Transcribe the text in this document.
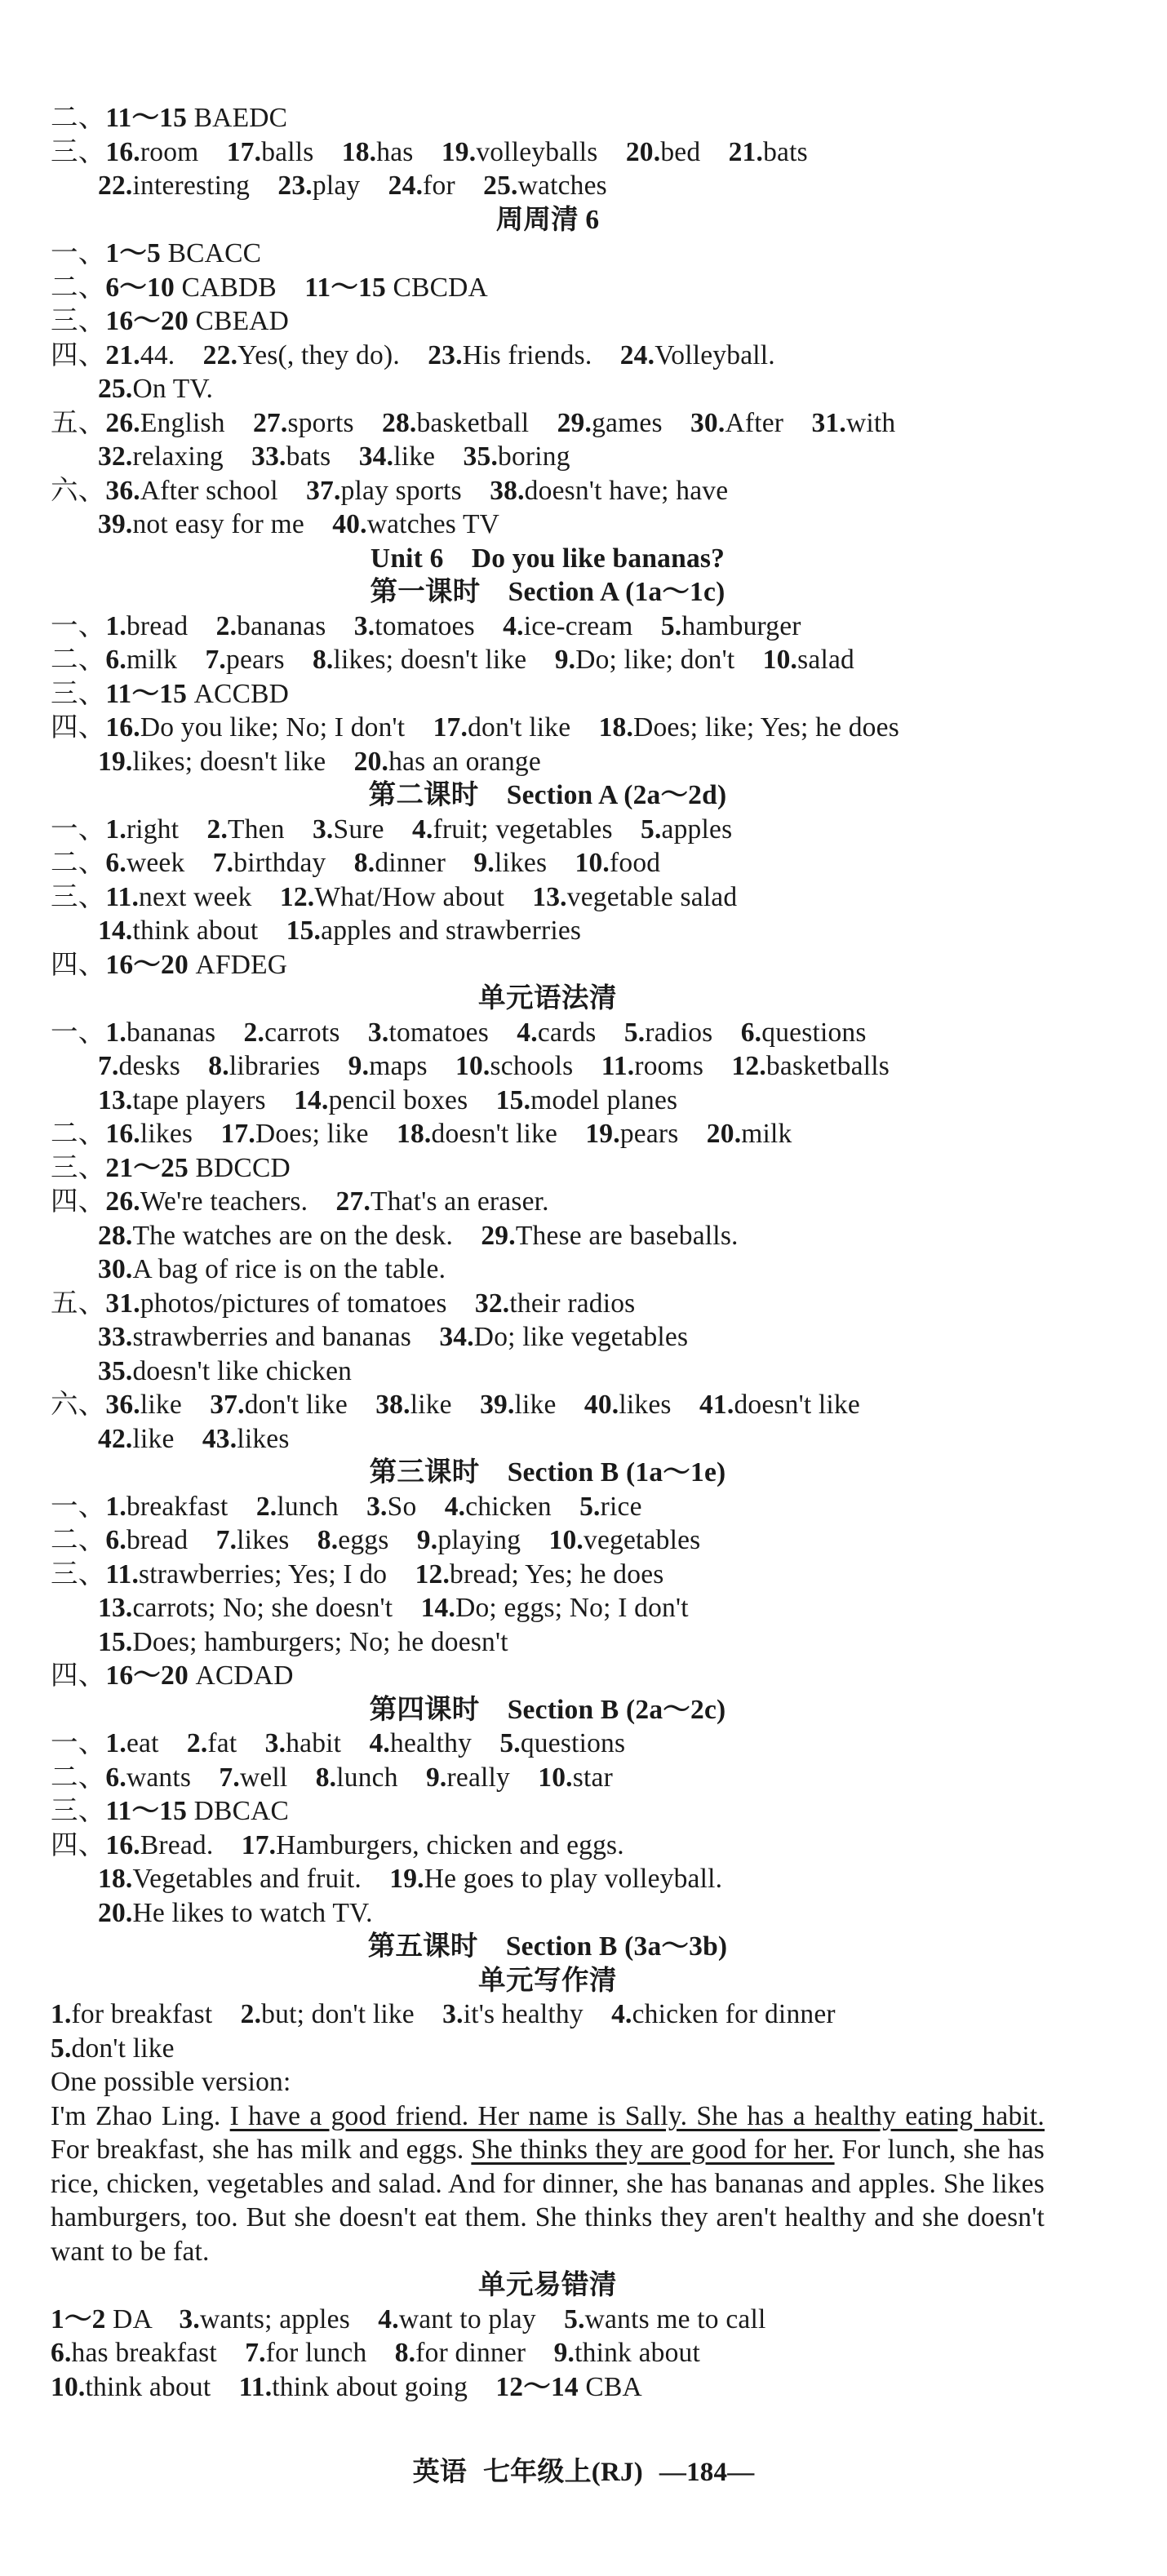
二、11～15 BAEDC
三、16.room    17.balls    18.has    19.volleyballs    20.bed    21.bats
22.interesting    23.play    24.for    25.watches
周周清 6
一、1～5 BCACC
二、6～10 CABDB    11～15 CBCDA
三、16～20 CBEAD
四、21.44.    22.Yes(, they do).    23.His friends.    24.Volleyball.
25.On TV.
五、26.English    27.sports    28.basketball    29.games    30.After    31.with
32.relaxing    33.bats    34.like    35.boring
六、36.After school    37.play sports    38.doesn't have; have
39.not easy for me    40.watches TV
Unit 6    Do you like bananas?
第一课时    Section A (1a～1c)
一、1.bread    2.bananas    3.tomatoes    4.ice-cream    5.hamburger
二、6.milk    7.pears    8.likes; doesn't like    9.Do; like; don't    10.salad
三、11～15 ACCBD
四、16.Do you like; No; I don't    17.don't like    18.Does; like; Yes; he does
19.likes; doesn't like    20.has an orange
第二课时    Section A (2a～2d)
一、1.right    2.Then    3.Sure    4.fruit; vegetables    5.apples
二、6.week    7.birthday    8.dinner    9.likes    10.food
三、11.next week    12.What/How about    13.vegetable salad
14.think about    15.apples and strawberries
四、16～20 AFDEG
单元语法清
一、1.bananas    2.carrots    3.tomatoes    4.cards    5.radios    6.questions
7.desks    8.libraries    9.maps    10.schools    11.rooms    12.basketballs
13.tape players    14.pencil boxes    15.model planes
二、16.likes    17.Does; like    18.doesn't like    19.pears    20.milk
三、21～25 BDCCD
四、26.We're teachers.    27.That's an eraser.
28.The watches are on the desk.    29.These are baseballs.
30.A bag of rice is on the table.
五、31.photos/pictures of tomatoes    32.their radios
33.strawberries and bananas    34.Do; like vegetables
35.doesn't like chicken
六、36.like    37.don't like    38.like    39.like    40.likes    41.doesn't like
42.like    43.likes
第三课时    Section B (1a～1e)
一、1.breakfast    2.lunch    3.So    4.chicken    5.rice
二、6.bread    7.likes    8.eggs    9.playing    10.vegetables
三、11.strawberries; Yes; I do    12.bread; Yes; he does
13.carrots; No; she doesn't    14.Do; eggs; No; I don't
15.Does; hamburgers; No; he doesn't
四、16～20 ACDAD
第四课时    Section B (2a～2c)
一、1.eat    2.fat    3.habit    4.healthy    5.questions
二、6.wants    7.well    8.lunch    9.really    10.star
三、11～15 DBCAC
四、16.Bread.    17.Hamburgers, chicken and eggs.
18.Vegetables and fruit.    19.He goes to play volleyball.
20.He likes to watch TV.
第五课时    Section B (3a～3b)
单元写作清
1.for breakfast    2.but; don't like    3.it's healthy    4.chicken for dinner
5.don't like
One possible version:
I'm Zhao Ling. I have a good friend. Her name is Sally. She has a healthy eating habit. For breakfast, she has milk and eggs. She thinks they are good for her. For lunch, she has rice, chicken, vegetables and salad. And for dinner, she has bananas and apples. She likes hamburgers, too. But she doesn't eat them. She thinks they aren't healthy and she doesn't want to be fat.
单元易错清
1～2 DA    3.wants; apples    4.want to play    5.wants me to call
6.has breakfast    7.for lunch    8.for dinner    9.think about
10.think about    11.think about going    12～14 CBA
英语 七年级上(RJ) —184—
